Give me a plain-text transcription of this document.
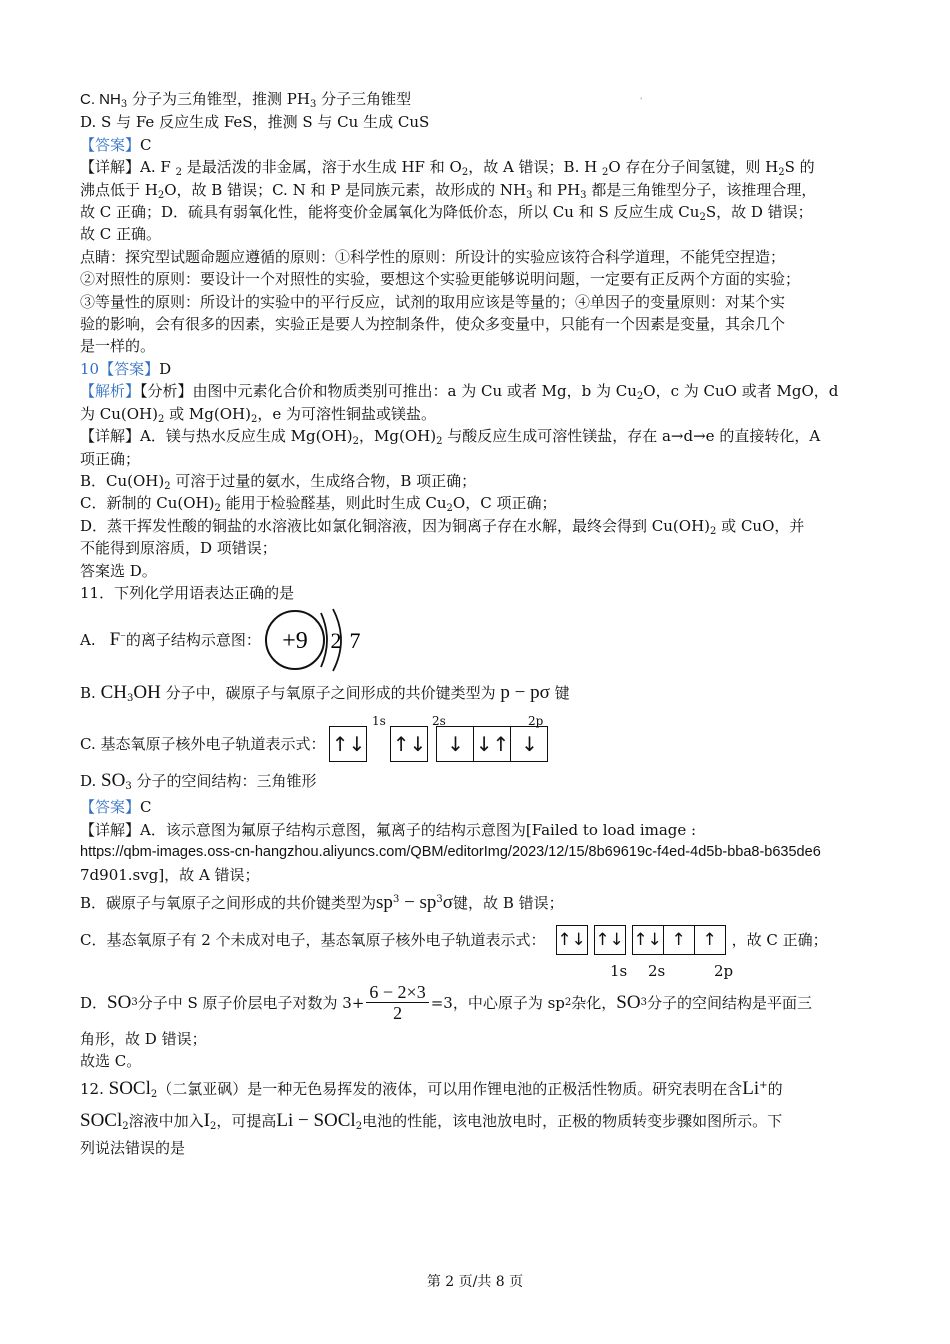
ˈ
C. $NH_3$ 分子为三角锥型，推测 $PH_3$ 分子三角锥型
D. S 与 Fe 反应生成 FeS，推测 S 与 Cu 生成 CuS
【答案】C
【详解】A. F $_2$ 是最活泼的非金属，溶于水生成 HF 和 $O_2$，故 A 错误；B. H $_2$O 存在分子间氢键，则 $H_2S$ 的
沸点低于 $H_2O$，故 B 错误；C. N 和 P 是同族元素，故形成的 $NH_3$ 和 $PH_3$ 都是三角锥型分子，该推理合理，
故 C 正确；D．硫具有弱氧化性，能将变价金属氧化为降低价态，所以 Cu 和 S 反应生成 $Cu_2S$，故 D 错误；
故 C 正确。
点睛：探究型试题命题应遵循的原则：①科学性的原则：所设计的实验应该符合科学道理，不能凭空捏造；
②对照性的原则：要设计一个对照性的实验，要想这个实验更能够说明问题，一定要有正反两个方面的实验；
③等量性的原则：所设计的实验中的平行反应，试剂的取用应该是等量的；④单因子的变量原则：对某个实
验的影响，会有很多的因素，实验正是要人为控制条件，使众多变量中，只能有一个因素是变量，其余几个
是一样的。
10【答案】D
【解析】【分析】由图中元素化合价和物质类别可推出：a 为 Cu 或者 Mg，b 为 $Cu_2O$，c 为 CuO 或者 MgO，d
为 $Cu(OH)_2$ 或 $Mg(OH)_2$，e 为可溶性铜盐或镁盐。
【详解】A．镁与热水反应生成 $Mg(OH)_2$，$Mg(OH)_2$ 与酸反应生成可溶性镁盐，存在 a→d→e 的直接转化，A
项正确；
B．$Cu(OH)_2$ 可溶于过量的氨水，生成络合物，B 项正确；
C．新制的 $Cu(OH)_2$ 能用于检验醛基，则此时生成 $Cu_2O$，C 项正确；
D．蒸干挥发性酸的铜盐的水溶液比如氯化铜溶液，因为铜离子存在水解，最终会得到 $Cu(OH)_2$ 或 CuO，并
不能得到原溶质，D 项错误；
答案选 D。
11．下列化学用语表达正确的是
A. F− 的离子结构示意图： +9 2 7
B. $CH_3OH$ 分子中，碳原子与氧原子之间形成的共价键类型为 p − pσ 键
1s	2s	2p
C. 基态氧原子核外电子轨道表示式： ↑↓ ↑↓	↓ ↓↑ ↓
D. $SO_3$ 分子的空间结构：三角锥形
【答案】C
【详解】A．该示意图为氟原子结构示意图，氟离子的结构示意图为[Failed to load image :
https://qbm-images.oss-cn-hangzhou.aliyuncs.com/QBM/editorImg/2023/12/15/8b69619c-f4ed-4d5b-bba8-b635de6
7d901.svg]，故 A 错误；
B．碳原子与氧原子之间形成的共价键类型为$sp^3 - sp^3\sigma$键，故 B 错误；
C．基态氧原子有 2 个未成对电子，基态氧原子核外电子轨道表示式： ↑↓ ↑↓ ↑↓ ↑ ↑ ，故 C 正确；
1s 2s	2p
D． SO 3 分子中 S 原子价层电子对数为 $3+ \frac{6 - 2\times 3}{2} =3$，中心原子为 sp 2 杂化， SO 3 分子的空间结构是平面三
角形，故 D 错误；
故选 C。
12. SOCl$_2$（二氯亚砜）是一种无色易挥发的液体，可以用作锂电池的正极活性物质。研究表明在含Li+的
SOCl$_2$溶液中加入$I_2$，可提高Li − SOCl$_2$电池的性能，该电池放电时，正极的物质转变步骤如图所示。下
列说法错误的是
第 2 页/共 8 页
